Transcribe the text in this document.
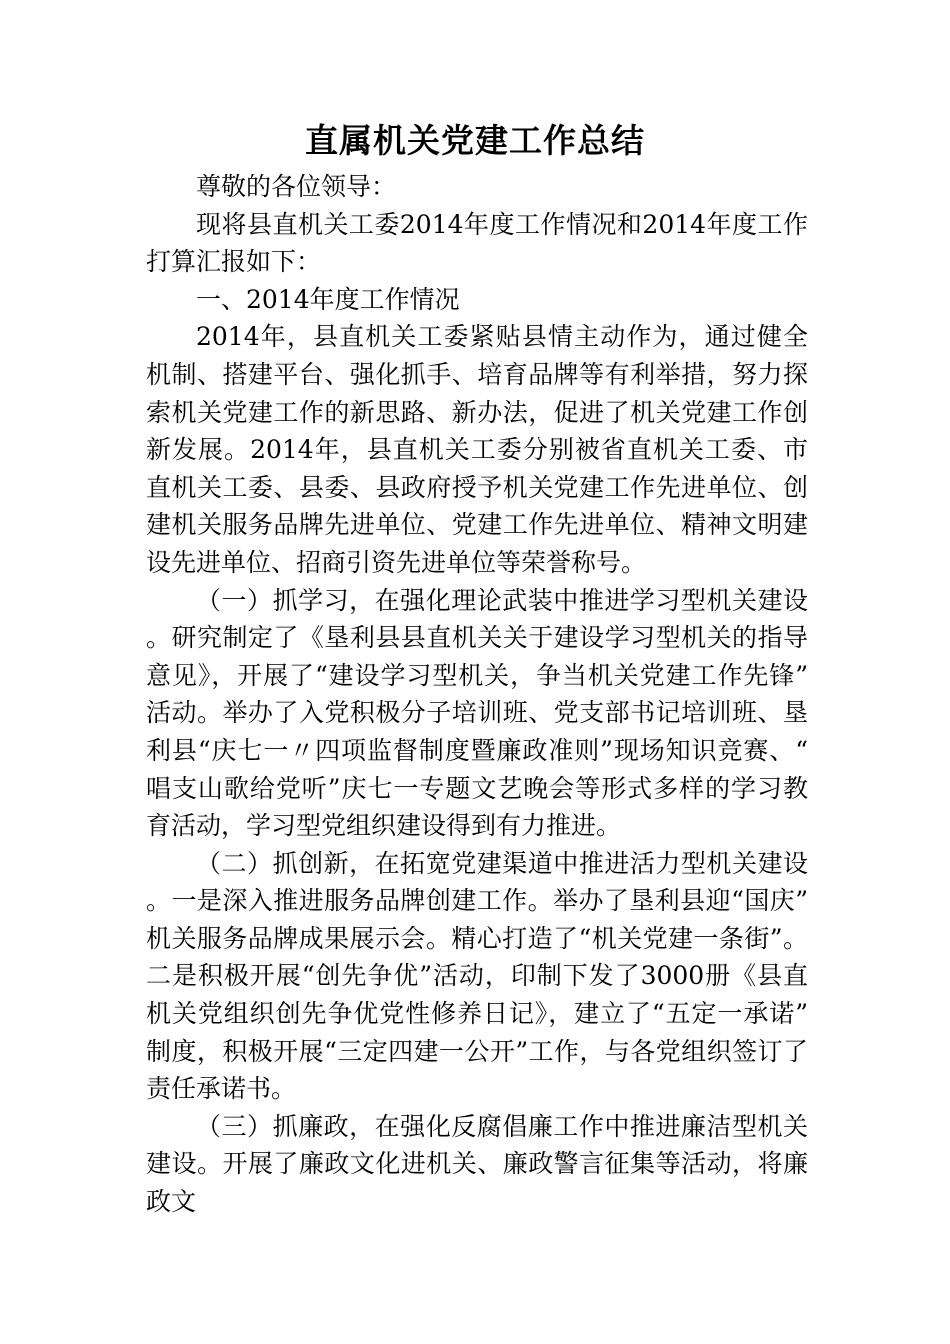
直属机关党建工作总结

尊敬的各位领导：

现将县直机关工委2014年度工作情况和2014年度工作打算汇报如下：

一、2014年度工作情况

2014年，县直机关工委紧贴县情主动作为，通过健全机制、搭建平台、强化抓手、培育品牌等有利举措，努力探索机关党建工作的新思路、新办法，促进了机关党建工作创新发展。2014年，县直机关工委分别被省直机关工委、市直机关工委、县委、县政府授予机关党建工作先进单位、创建机关服务品牌先进单位、党建工作先进单位、精神文明建设先进单位、招商引资先进单位等荣誉称号。

（一）抓学习，在强化理论武装中推进学习型机关建设。研究制定了《垦利县县直机关关于建设学习型机关的指导意见》，开展了“建设学习型机关，争当机关党建工作先锋”活动。举办了入党积极分子培训班、党支部书记培训班、垦利县“庆七一〃四项监督制度暨廉政准则”现场知识竞赛、“唱支山歌给党听”庆七一专题文艺晚会等形式多样的学习教育活动，学习型党组织建设得到有力推进。

（二）抓创新，在拓宽党建渠道中推进活力型机关建设。一是深入推进服务品牌创建工作。举办了垦利县迎“国庆”机关服务品牌成果展示会。精心打造了“机关党建一条街”。二是积极开展“创先争优”活动，印制下发了3000册《县直机关党组织创先争优党性修养日记》，建立了“五定一承诺”制度，积极开展“三定四建一公开”工作，与各党组织签订了责任承诺书。

（三）抓廉政，在强化反腐倡廉工作中推进廉洁型机关建设。开展了廉政文化进机关、廉政警言征集等活动，将廉政文
